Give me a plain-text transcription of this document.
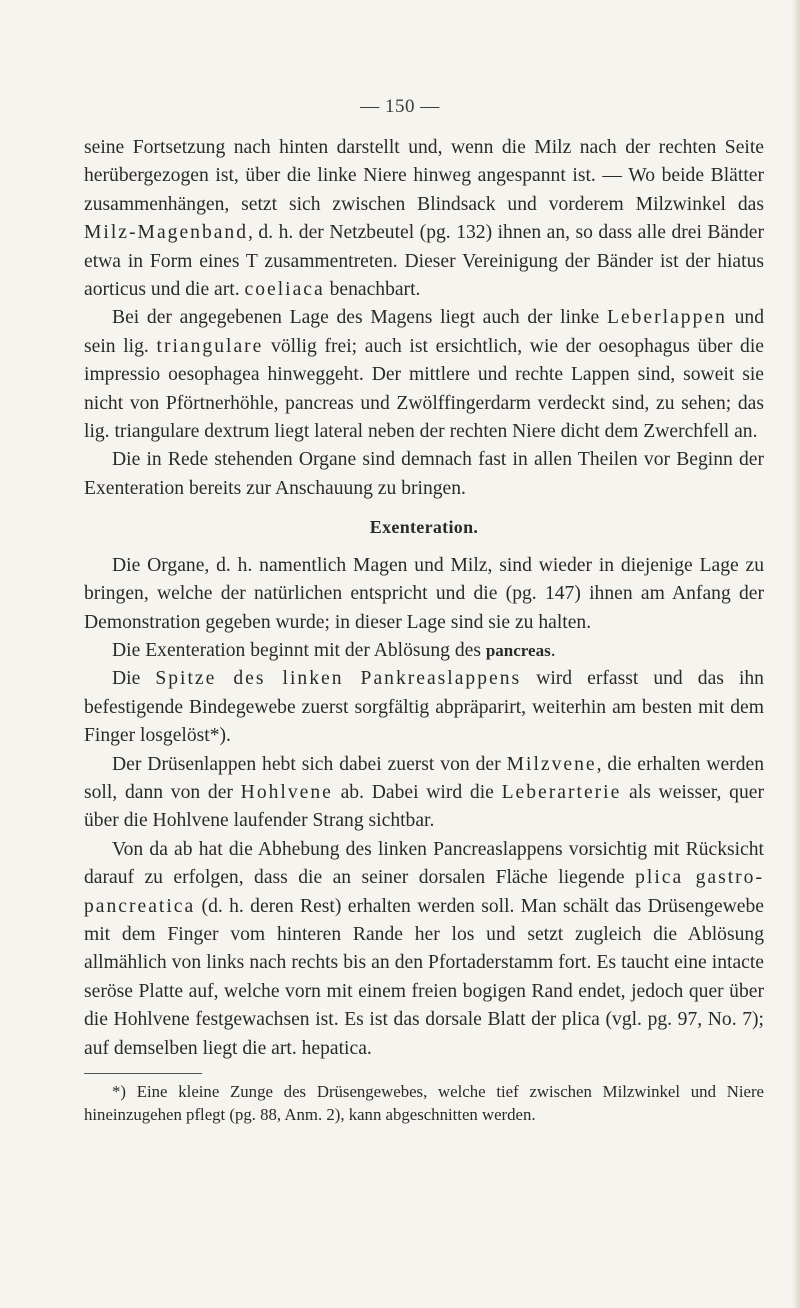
— 150 —

seine Fortsetzung nach hinten darstellt und, wenn die Milz nach der rechten Seite herübergezogen ist, über die linke Niere hinweg angespannt ist. — Wo beide Blätter zusammenhängen, setzt sich zwischen Blindsack und vorderem Milzwinkel das Milz-Magenband, d. h. der Netzbeutel (pg. 132) ihnen an, so dass alle drei Bänder etwa in Form eines T zusammentreten. Dieser Vereinigung der Bänder ist der hiatus aorticus und die art. coeliaca benachbart.

Bei der angegebenen Lage des Magens liegt auch der linke Leberlappen und sein lig. triangulare völlig frei; auch ist ersichtlich, wie der oesophagus über die impressio oesophagea hinweggeht. Der mittlere und rechte Lappen sind, soweit sie nicht von Pförtnerhöhle, pancreas und Zwölffingerdarm verdeckt sind, zu sehen; das lig. triangulare dextrum liegt lateral neben der rechten Niere dicht dem Zwerchfell an.

Die in Rede stehenden Organe sind demnach fast in allen Theilen vor Beginn der Exenteration bereits zur Anschauung zu bringen.

Exenteration.

Die Organe, d. h. namentlich Magen und Milz, sind wieder in diejenige Lage zu bringen, welche der natürlichen entspricht und die (pg. 147) ihnen am Anfang der Demonstration gegeben wurde; in dieser Lage sind sie zu halten.

Die Exenteration beginnt mit der Ablösung des pancreas.

Die Spitze des linken Pankreaslappens wird erfasst und das ihn befestigende Bindegewebe zuerst sorgfältig abpräparirt, weiterhin am besten mit dem Finger losgelöst*).

Der Drüsenlappen hebt sich dabei zuerst von der Milzvene, die erhalten werden soll, dann von der Hohlvene ab. Dabei wird die Leberarterie als weisser, quer über die Hohlvene laufender Strang sichtbar.

Von da ab hat die Abhebung des linken Pancreaslappens vorsichtig mit Rücksicht darauf zu erfolgen, dass die an seiner dorsalen Fläche liegende plica gastro-pancreatica (d. h. deren Rest) erhalten werden soll. Man schält das Drüsengewebe mit dem Finger vom hinteren Rande her los und setzt zugleich die Ablösung allmählich von links nach rechts bis an den Pfortaderstamm fort. Es taucht eine intacte seröse Platte auf, welche vorn mit einem freien bogigen Rand endet, jedoch quer über die Hohlvene festgewachsen ist. Es ist das dorsale Blatt der plica (vgl. pg. 97, No. 7); auf demselben liegt die art. hepatica.

*) Eine kleine Zunge des Drüsengewebes, welche tief zwischen Milzwinkel und Niere hineinzugehen pflegt (pg. 88, Anm. 2), kann abgeschnitten werden.
